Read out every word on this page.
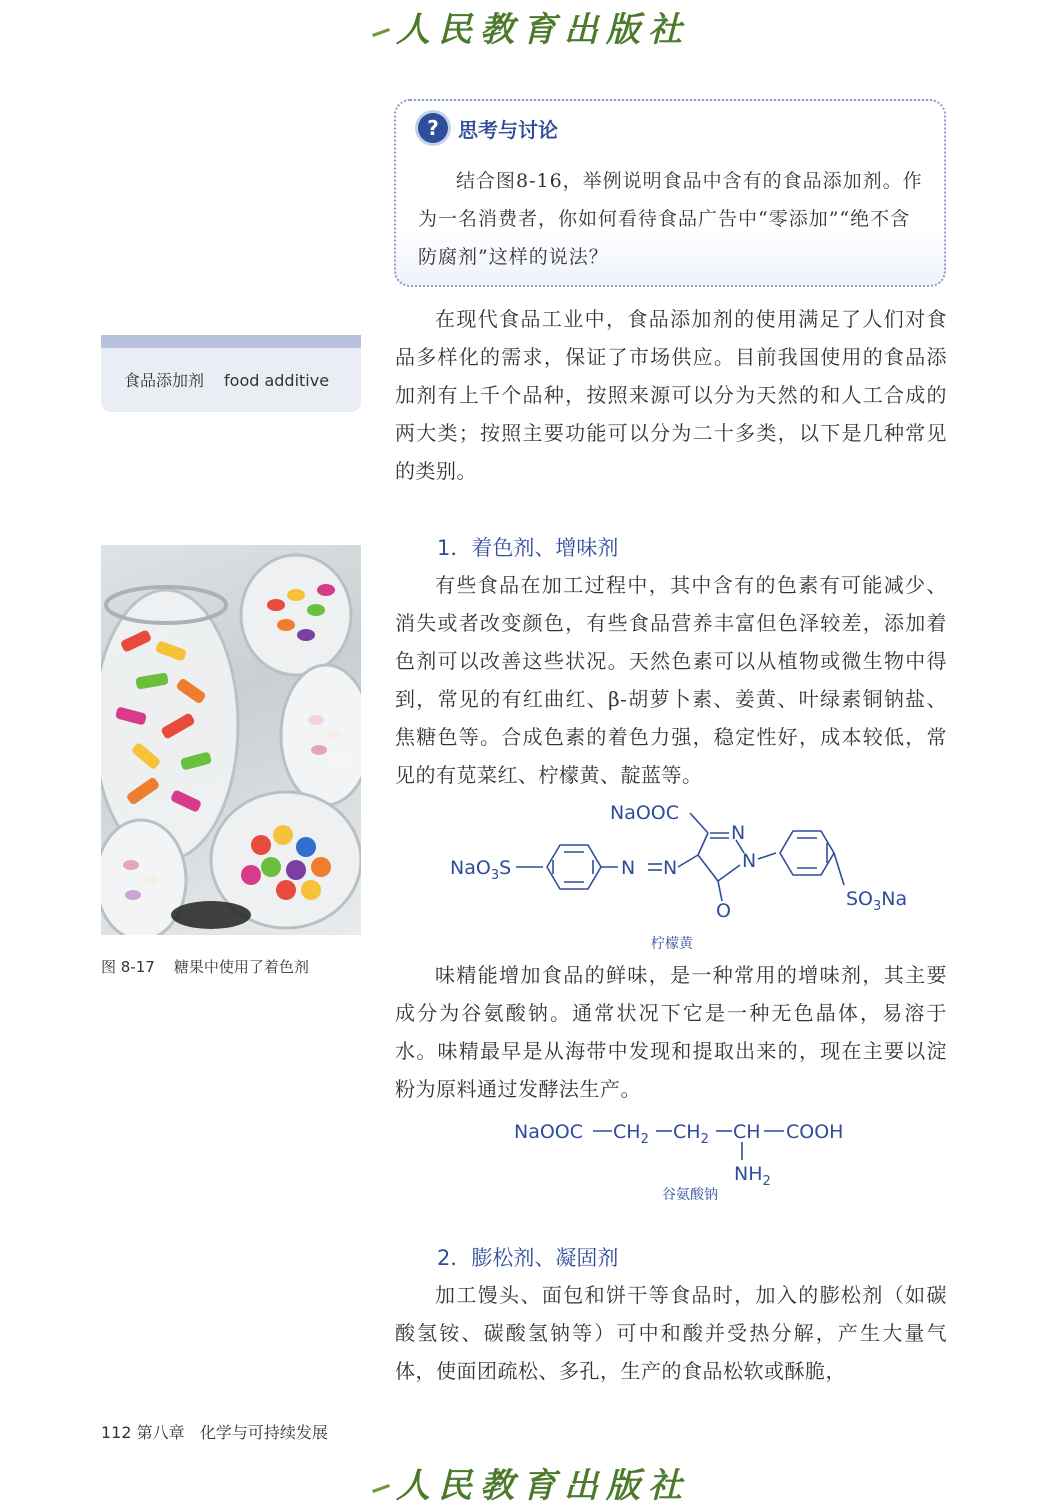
人民教育出版社
? 思考与讨论
结合图8-16，举例说明食品中含有的食品添加剂。作为一名消费者，你如何看待食品广告中“零添加”“绝不含防腐剂”这样的说法？
食品添加剂 food additive
在现代食品工业中，食品添加剂的使用满足了人们对食品多样化的需求，保证了市场供应。目前我国使用的食品添加剂有上千个品种，按照来源可以分为天然的和人工合成的两大类；按照主要功能可以分为二十多类，以下是几种常见的类别。
1．着色剂、增味剂
有些食品在加工过程中，其中含有的色素有可能减少、消失或者改变颜色，有些食品营养丰富但色泽较差，添加着色剂可以改善这些状况。天然色素可以从植物或微生物中得到，常见的有红曲红、β-胡萝卜素、姜黄、叶绿素铜钠盐、焦糖色等。合成色素的着色力强，稳定性好，成本较低，常见的有苋菜红、柠檬黄、靛蓝等。
图 8-17 糖果中使用了着色剂
NaOOC
NaO$_3$S	N N
N
N
O
$SO_3Na$
柠檬黄
味精能增加食品的鲜味，是一种常用的增味剂，其主要成分为谷氨酸钠。通常状况下它是一种无色晶体，易溶于水。味精最早是从海带中发现和提取出来的，现在主要以淀粉为原料通过发酵法生产。
NaOOC $CH_2$ $CH_2$ CH COOH
$NH_2$
谷氨酸钠
2．膨松剂、凝固剂
加工馒头、面包和饼干等食品时，加入的膨松剂（如碳酸氢铵、碳酸氢钠等）可中和酸并受热分解，产生大量气体，使面团疏松、多孔，生产的食品松软或酥脆，
112 第八章 化学与可持续发展
人民教育出版社
